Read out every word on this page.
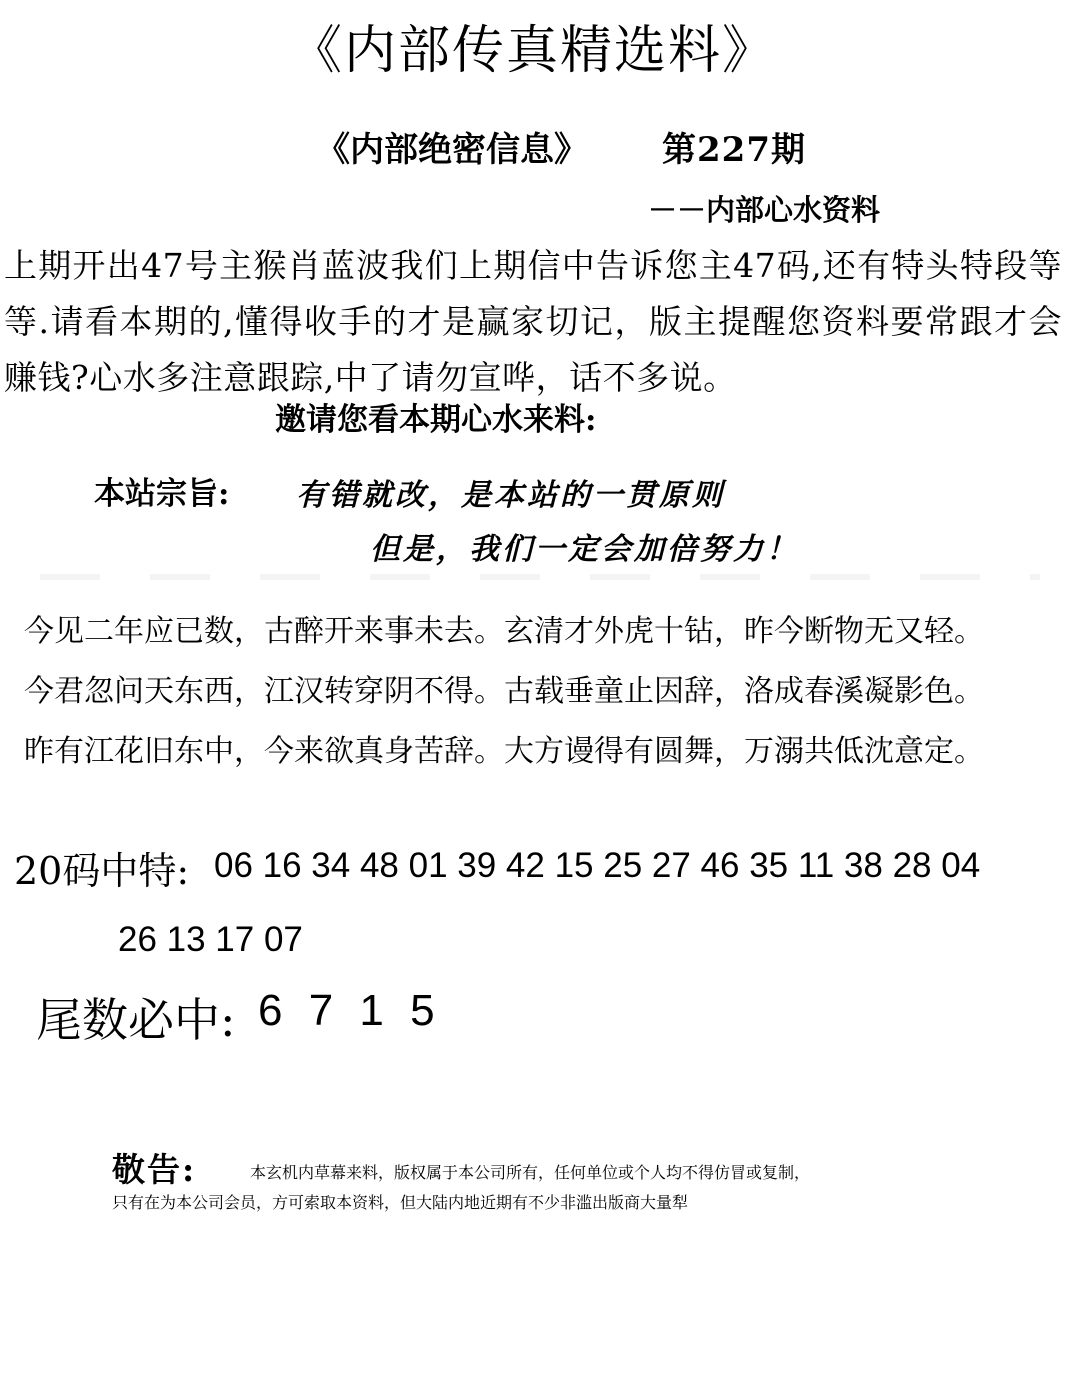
《内部传真精选料》
《内部绝密信息》 第227期
－－内部心水资料
上期开出47号主猴肖蓝波我们上期信中告诉您主47码,还有特头特段等等.请看本期的,懂得收手的才是赢家切记，版主提醒您资料要常跟才会赚钱?心水多注意跟踪,中了请勿宣哗，话不多说。
邀请您看本期心水来料:
本站宗旨: 有错就改，是本站的一贯原则
但是，我们一定会加倍努力！
今见二年应已数，古醉开来事未去。玄清才外虎十钻，昨今断物无又轻。
今君忽问天东西，江汉转穿阴不得。古载垂童止因辞，洛成春溪凝影色。
昨有江花旧东中，今来欲真身苦辞。大方谩得有圆舞，万溺共低沈意定。
20码中特: 06 16 34 48 01 39 42 15 25 27 46 35 11 38 28 04
26 13 17 07
尾数必中: 6 7 1 5
敬告:	本玄机内草幕来料，版权属于本公司所有，任何单位或个人均不得仿冒或复制，
只有在为本公司会员，方可索取本资料，但大陆内地近期有不少非滥出版商大量犁
